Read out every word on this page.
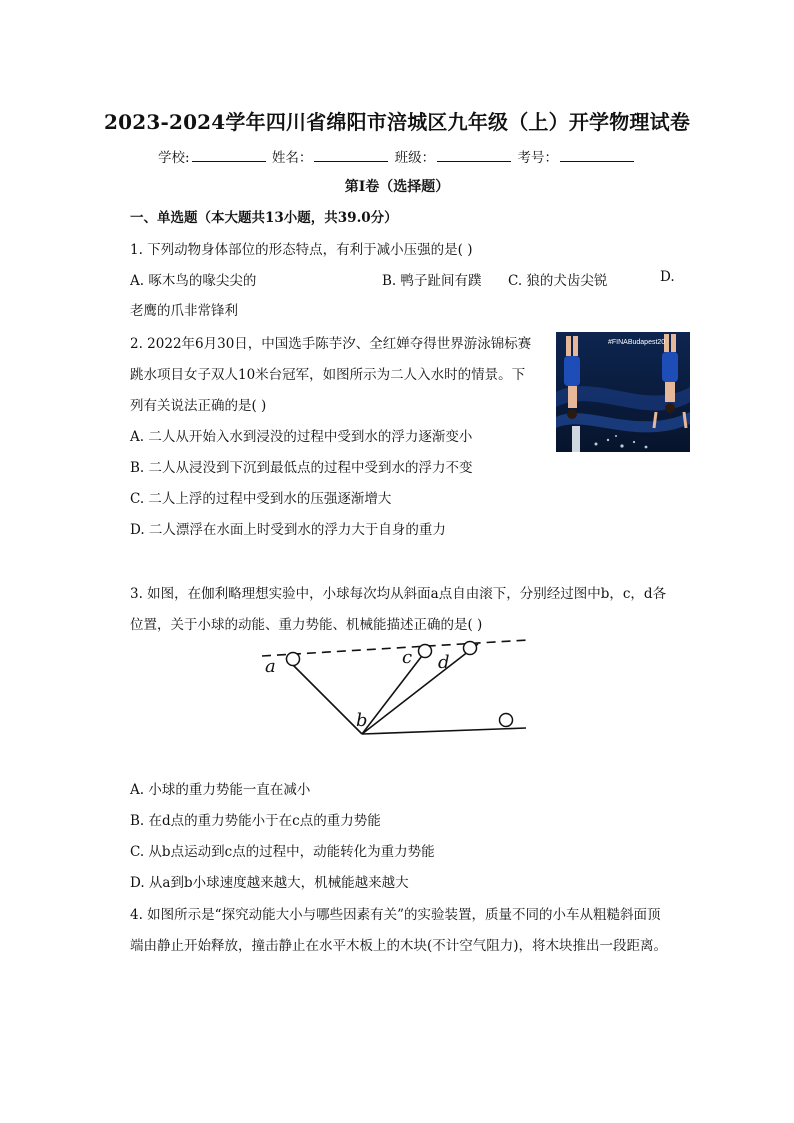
2023-2024学年四川省绵阳市涪城区九年级（上）开学物理试卷
学校:	姓名：	班级：	考号：
第Ⅰ卷（选择题）
一、单选题（本大题共13小题，共39.0分）
1. 下列动物身体部位的形态特点，有利于减小压强的是( )
A. 啄木鸟的喙尖尖的	B. 鸭子趾间有蹼 C. 狼的犬齿尖锐	D.
老鹰的爪非常锋利
2. 2022年6月30日，中国选手陈芋汐、全红婵夺得世界游泳锦标赛
跳水项目女子双人10米台冠军，如图所示为二人入水时的情景。下
列有关说法正确的是( )
A. 二人从开始入水到浸没的过程中受到水的浮力逐渐变小
B. 二人从浸没到下沉到最低点的过程中受到水的浮力不变
C. 二人上浮的过程中受到水的压强逐渐增大
D. 二人漂浮在水面上时受到水的浮力大于自身的重力
#FINABudapest20
3. 如图，在伽利略理想实验中，小球每次均从斜面a点自由滚下，分别经过图中b，c，d各
位置，关于小球的动能、重力势能、机械能描述正确的是( )
a
b
c d
A. 小球的重力势能一直在减小
B. 在d点的重力势能小于在c点的重力势能
C. 从b点运动到c点的过程中，动能转化为重力势能
D. 从a到b小球速度越来越大，机械能越来越大
4. 如图所示是“探究动能大小与哪些因素有关”的实验装置，质量不同的小车从粗糙斜面顶
端由静止开始释放，撞击静止在水平木板上的木块(不计空气阻力)，将木块推出一段距离。
